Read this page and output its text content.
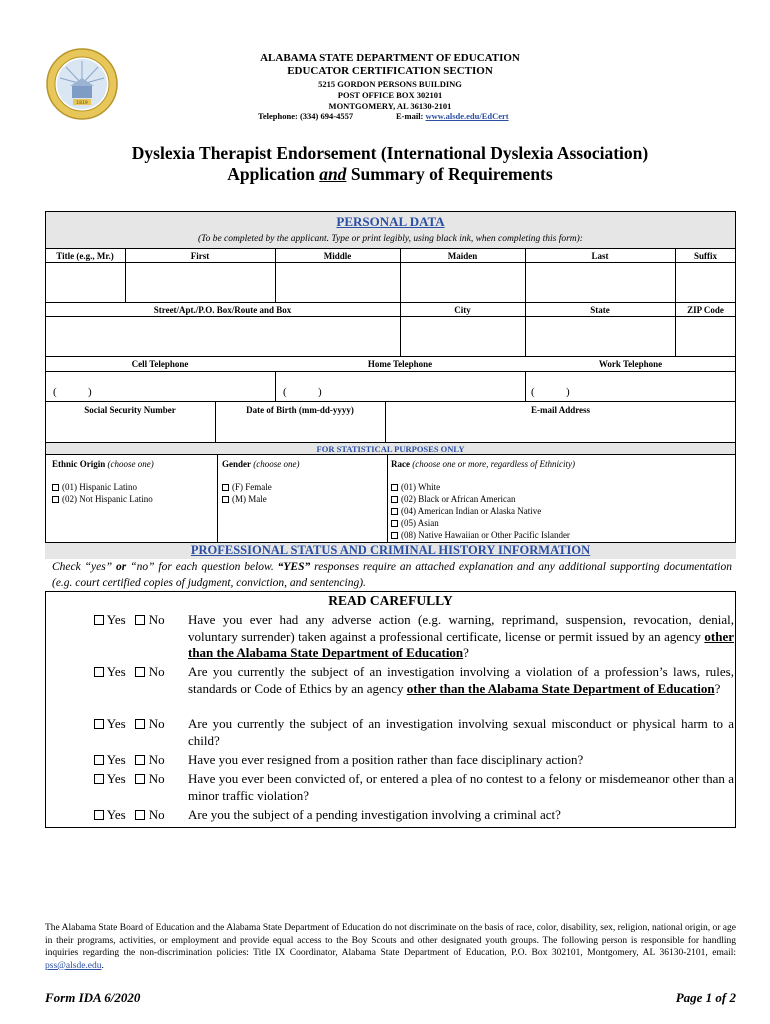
1819
ALABAMA STATE DEPARTMENT OF EDUCATION
EDUCATOR CERTIFICATION SECTION
5215 GORDON PERSONS BUILDING
POST OFFICE BOX 302101
MONTGOMERY, AL 36130-2101
Telephone: (334) 694-4557	E-mail: www.alsde.edu/EdCert
Dyslexia Therapist Endorsement (International Dyslexia Association)
Application and Summary of Requirements
PERSONAL DATA
(To be completed by the applicant. Type or print legibly, using black ink, when completing this form):
Title (e.g., Mr.)	First	Middle	Maiden	Last	Suffix
Street/Apt./P.O. Box/Route and Box	City	State	ZIP Code
Cell Telephone	Home Telephone	Work Telephone
(	)	(	)	(	)
Social Security Number	Date of Birth (mm-dd-yyyy)	E-mail Address
FOR STATISTICAL PURPOSES ONLY
Ethnic Origin (choose one)
(01) Hispanic Latino
(02) Not Hispanic Latino
Gender (choose one)
(F) Female
(M) Male
Race (choose one or more, regardless of Ethnicity)
(01) White
(02) Black or African American
(04) American Indian or Alaska Native
(05) Asian
(08) Native Hawaiian or Other Pacific Islander
PROFESSIONAL STATUS AND CRIMINAL HISTORY INFORMATION
Check “yes” or “no” for each question below. “YES” responses require an attached explanation and any additional supporting documentation (e.g. court certified copies of judgment, conviction, and sentencing).
READ CAREFULLY
Yes No	Have you ever had any adverse action (e.g. warning, reprimand, suspension, revocation, denial, voluntary surrender) taken against a professional certificate, license or permit issued by an agency other than the Alabama State Department of Education?
Yes No	Are you currently the subject of an investigation involving a violation of a profession’s laws, rules, standards or Code of Ethics by an agency other than the Alabama State Department of Education?
Yes No	Are you currently the subject of an investigation involving sexual misconduct or physical harm to a child?
Yes No	Have you ever resigned from a position rather than face disciplinary action?
Yes No	Have you ever been convicted of, or entered a plea of no contest to a felony or misdemeanor other than a minor traffic violation?
Yes No	Are you the subject of a pending investigation involving a criminal act?
The Alabama State Board of Education and the Alabama State Department of Education do not discriminate on the basis of race, color, disability, sex, religion, national origin, or age in their programs, activities, or employment and provide equal access to the Boy Scouts and other designated youth groups. The following person is responsible for handling inquiries regarding the non-discrimination policies: Title IX Coordinator, Alabama State Department of Education, P.O. Box 302101, Montgomery, AL 36130-2101, email: pss@alsde.edu.
Form IDA 6/2020	Page 1 of 2
